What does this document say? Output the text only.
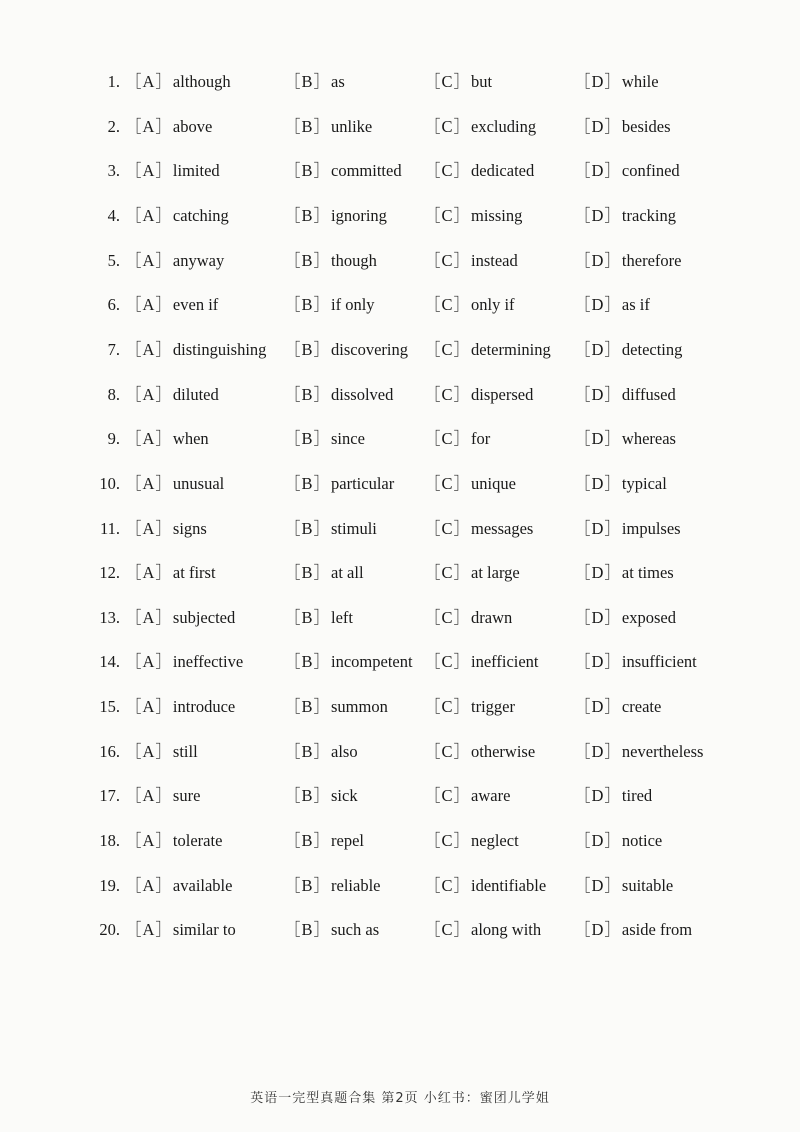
1. ［A］although	［B］as	［C］but	［D］while
2. ［A］above	［B］unlike	［C］excluding ［D］besides
3. ［A］limited	［B］committed ［C］dedicated ［D］confined
4. ［A］catching	［B］ignoring ［C］missing	［D］tracking
5. ［A］anyway	［B］though	［C］instead	［D］therefore
6. ［A］even if	［B］if only	［C］only if	［D］as if
7. ［A］distinguishing ［B］discovering ［C］determining ［D］detecting
8. ［A］diluted	［B］dissolved ［C］dispersed ［D］diffused
9. ［A］when	［B］since	［C］for	［D］whereas
10. ［A］unusual	［B］particular ［C］unique	［D］typical
11. ［A］signs	［B］stimuli	［C］messages ［D］impulses
12. ［A］at first	［B］at all	［C］at large	［D］at times
13. ［A］subjected	［B］left	［C］drawn	［D］exposed
14. ［A］ineffective ［B］incompetent ［C］inefficient ［D］insufficient
15. ［A］introduce	［B］summon ［C］trigger	［D］create
16. ［A］still	［B］also	［C］otherwise ［D］nevertheless
17. ［A］sure	［B］sick	［C］aware	［D］tired
18. ［A］tolerate	［B］repel	［C］neglect	［D］notice
19. ［A］available	［B］reliable	［C］identifiable ［D］suitable
20. ［A］similar to	［B］such as	［C］along with ［D］aside from
英语一完型真题合集 第2页 小红书：蜜团儿学姐
